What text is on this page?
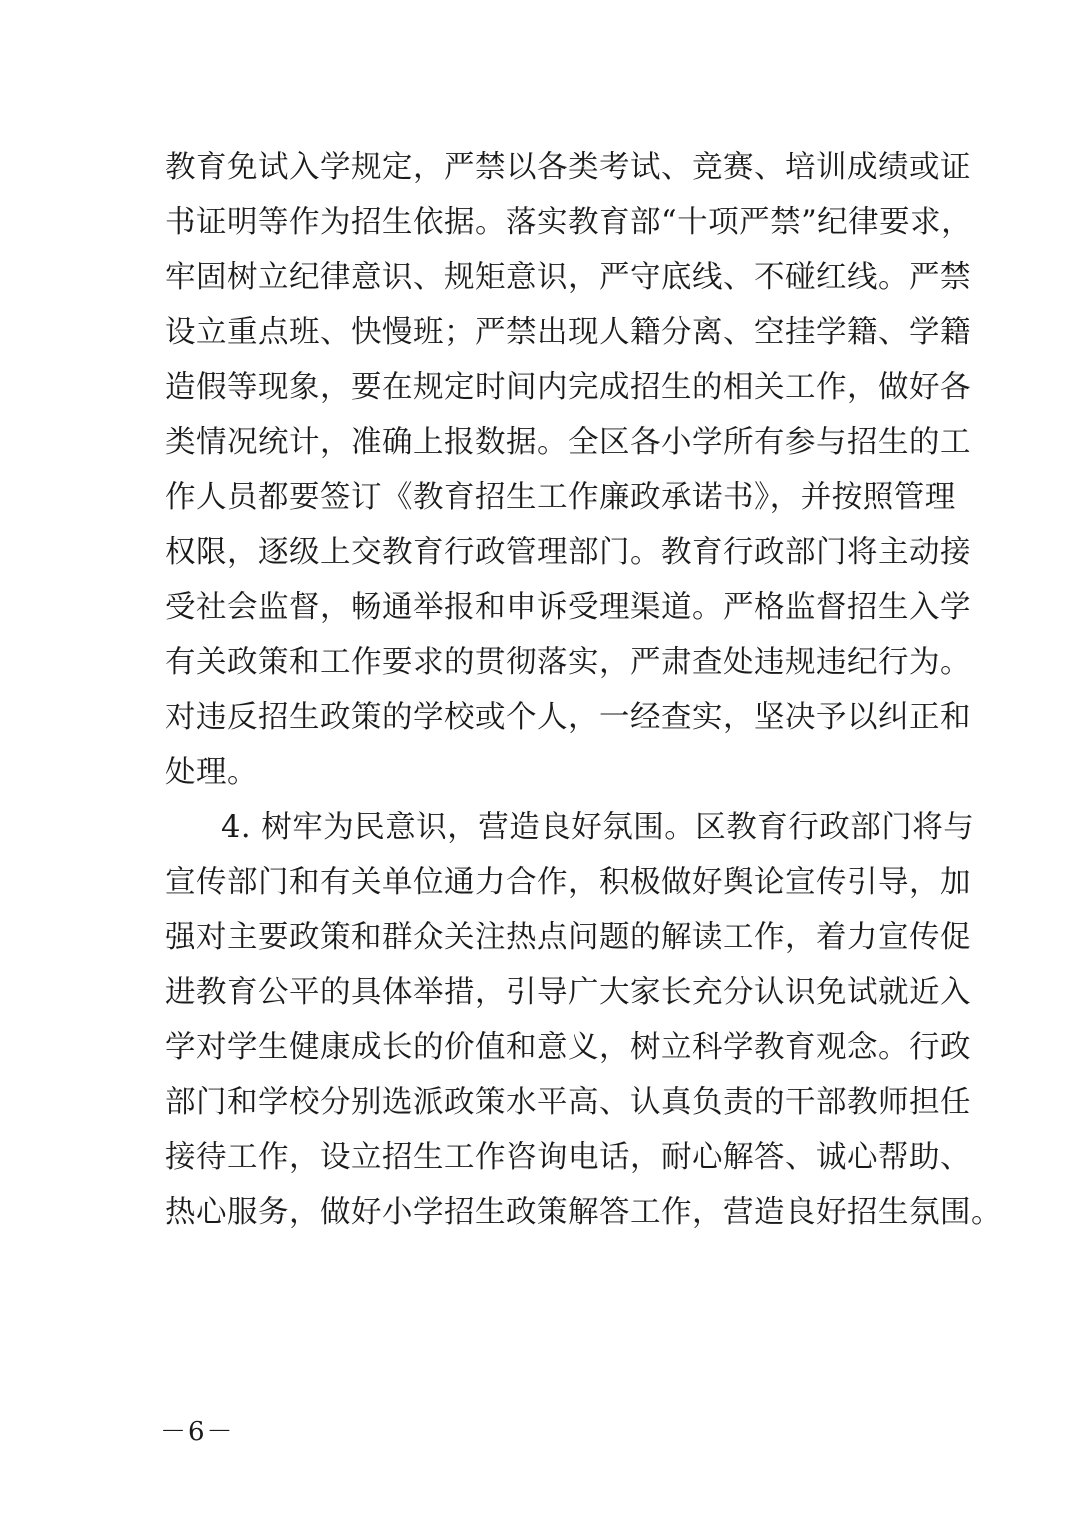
教育免试入学规定，严禁以各类考试、竞赛、培训成绩或证
书证明等作为招生依据。落实教育部“十项严禁”纪律要求，
牢固树立纪律意识、规矩意识，严守底线、不碰红线。严禁
设立重点班、快慢班；严禁出现人籍分离、空挂学籍、学籍
造假等现象，要在规定时间内完成招生的相关工作，做好各
类情况统计，准确上报数据。全区各小学所有参与招生的工
作人员都要签订《教育招生工作廉政承诺书》，并按照管理
权限，逐级上交教育行政管理部门。教育行政部门将主动接
受社会监督，畅通举报和申诉受理渠道。严格监督招生入学
有关政策和工作要求的贯彻落实，严肃查处违规违纪行为。
对违反招生政策的学校或个人，一经查实，坚决予以纠正和
处理。
4. 树牢为民意识，营造良好氛围。区教育行政部门将与
宣传部门和有关单位通力合作，积极做好舆论宣传引导，加
强对主要政策和群众关注热点问题的解读工作，着力宣传促
进教育公平的具体举措，引导广大家长充分认识免试就近入
学对学生健康成长的价值和意义，树立科学教育观念。行政
部门和学校分别选派政策水平高、认真负责的干部教师担任
接待工作，设立招生工作咨询电话，耐心解答、诚心帮助、
热心服务，做好小学招生政策解答工作，营造良好招生氛围。
－6－
